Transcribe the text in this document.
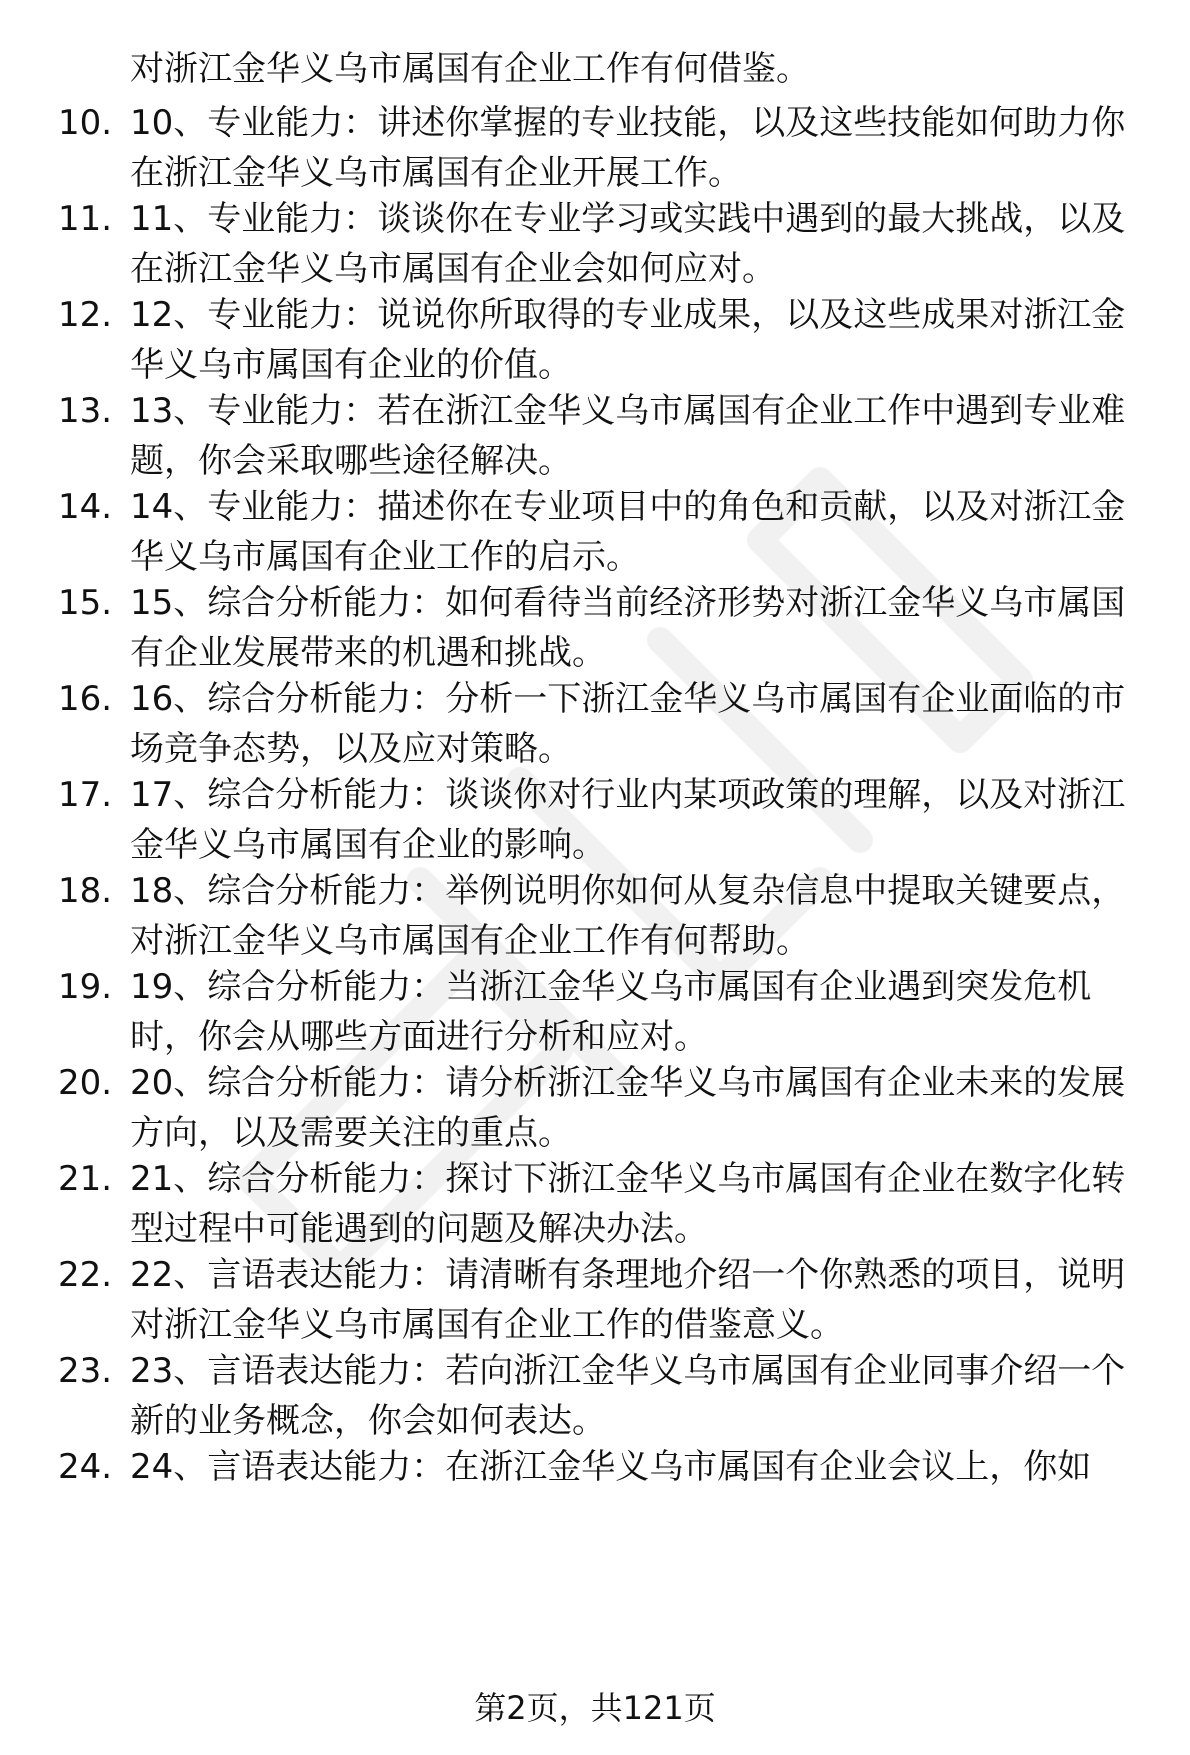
对浙江金华义乌市属国有企业工作有何借鉴。
10. 10、专业能力：讲述你掌握的专业技能，以及这些技能如何助力你在浙江金华义乌市属国有企业开展工作。
11. 11、专业能力：谈谈你在专业学习或实践中遇到的最大挑战，以及在浙江金华义乌市属国有企业会如何应对。
12. 12、专业能力：说说你所取得的专业成果，以及这些成果对浙江金华义乌市属国有企业的价值。
13. 13、专业能力：若在浙江金华义乌市属国有企业工作中遇到专业难题，你会采取哪些途径解决。
14. 14、专业能力：描述你在专业项目中的角色和贡献，以及对浙江金华义乌市属国有企业工作的启示。
15. 15、综合分析能力：如何看待当前经济形势对浙江金华义乌市属国有企业发展带来的机遇和挑战。
16. 16、综合分析能力：分析一下浙江金华义乌市属国有企业面临的市场竞争态势，以及应对策略。
17. 17、综合分析能力：谈谈你对行业内某项政策的理解，以及对浙江金华义乌市属国有企业的影响。
18. 18、综合分析能力：举例说明你如何从复杂信息中提取关键要点，对浙江金华义乌市属国有企业工作有何帮助。
19. 19、综合分析能力：当浙江金华义乌市属国有企业遇到突发危机时，你会从哪些方面进行分析和应对。
20. 20、综合分析能力：请分析浙江金华义乌市属国有企业未来的发展方向，以及需要关注的重点。
21. 21、综合分析能力：探讨下浙江金华义乌市属国有企业在数字化转型过程中可能遇到的问题及解决办法。
22. 22、言语表达能力：请清晰有条理地介绍一个你熟悉的项目，说明对浙江金华义乌市属国有企业工作的借鉴意义。
23. 23、言语表达能力：若向浙江金华义乌市属国有企业同事介绍一个新的业务概念，你会如何表达。
24. 24、言语表达能力：在浙江金华义乌市属国有企业会议上，你如
第2页，共121页
